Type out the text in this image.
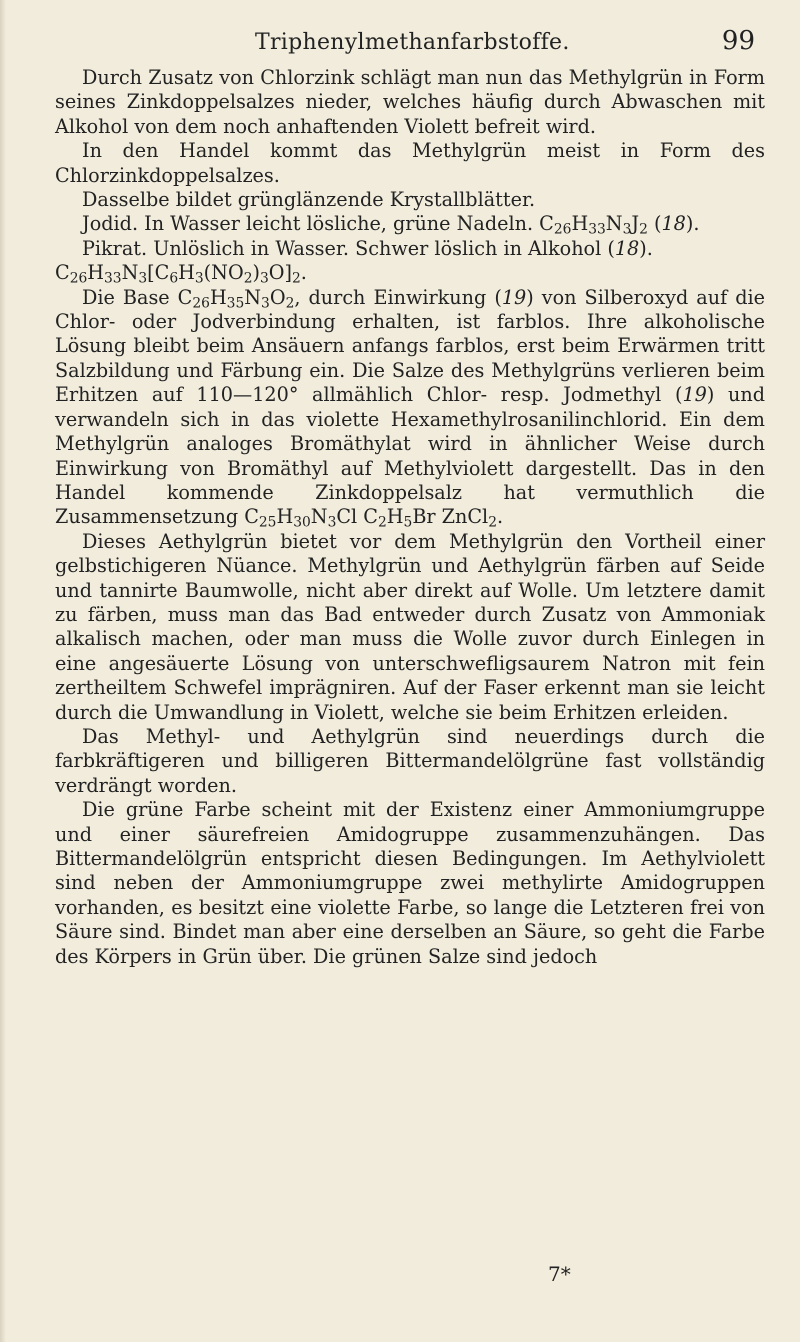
Triphenylmethanfarbstoffe.	99

Durch Zusatz von Chlorzink schlägt man nun das Methylgrün in Form seines Zinkdoppelsalzes nieder, welches häufig durch Abwaschen mit Alkohol von dem noch anhaftenden Violett befreit wird.

In den Handel kommt das Methylgrün meist in Form des Chlorzinkdoppelsalzes.

Dasselbe bildet grünglänzende Krystallblätter.

Jodid. In Wasser leicht lösliche, grüne Nadeln. $C_{26}H_{33}N_3J_2$ (18).

Pikrat. Unlöslich in Wasser. Schwer löslich in Alkohol (18).

$C_{26}H_{33}N_3[C_6H_3(NO_2)_3O]_2$.

Die Base $C_{26}H_{35}N_3O_2$, durch Einwirkung (19) von Silberoxyd auf die Chlor- oder Jodverbindung erhalten, ist farblos. Ihre alkoholische Lösung bleibt beim Ansäuern anfangs farblos, erst beim Erwärmen tritt Salzbildung und Färbung ein. Die Salze des Methylgrüns verlieren beim Erhitzen auf 110—120° allmählich Chlor- resp. Jodmethyl (19) und verwandeln sich in das violette Hexamethylrosanilinchlorid. Ein dem Methylgrün analoges Bromäthylat wird in ähnlicher Weise durch Einwirkung von Bromäthyl auf Methylviolett dargestellt. Das in den Handel kommende Zinkdoppelsalz hat vermuthlich die Zusammensetzung $C_{25}H_{30}N_3Cl$ $C_2H_5Br$ ZnCl$_2$.

Dieses Aethylgrün bietet vor dem Methylgrün den Vortheil einer gelbstichigeren Nüance. Methylgrün und Aethylgrün färben auf Seide und tannirte Baumwolle, nicht aber direkt auf Wolle. Um letztere damit zu färben, muss man das Bad entweder durch Zusatz von Ammoniak alkalisch machen, oder man muss die Wolle zuvor durch Einlegen in eine angesäuerte Lösung von unterschwefligsaurem Natron mit fein zertheiltem Schwefel imprägniren. Auf der Faser erkennt man sie leicht durch die Umwandlung in Violett, welche sie beim Erhitzen erleiden.

Das Methyl- und Aethylgrün sind neuerdings durch die farbkräftigeren und billigeren Bittermandelölgrüne fast vollständig verdrängt worden.

Die grüne Farbe scheint mit der Existenz einer Ammoniumgruppe und einer säurefreien Amidogruppe zusammenzuhängen. Das Bittermandelölgrün entspricht diesen Bedingungen. Im Aethylviolett sind neben der Ammoniumgruppe zwei methylirte Amidogruppen vorhanden, es besitzt eine violette Farbe, so lange die Letzteren frei von Säure sind. Bindet man aber eine derselben an Säure, so geht die Farbe des Körpers in Grün über. Die grünen Salze sind jedoch

7*
